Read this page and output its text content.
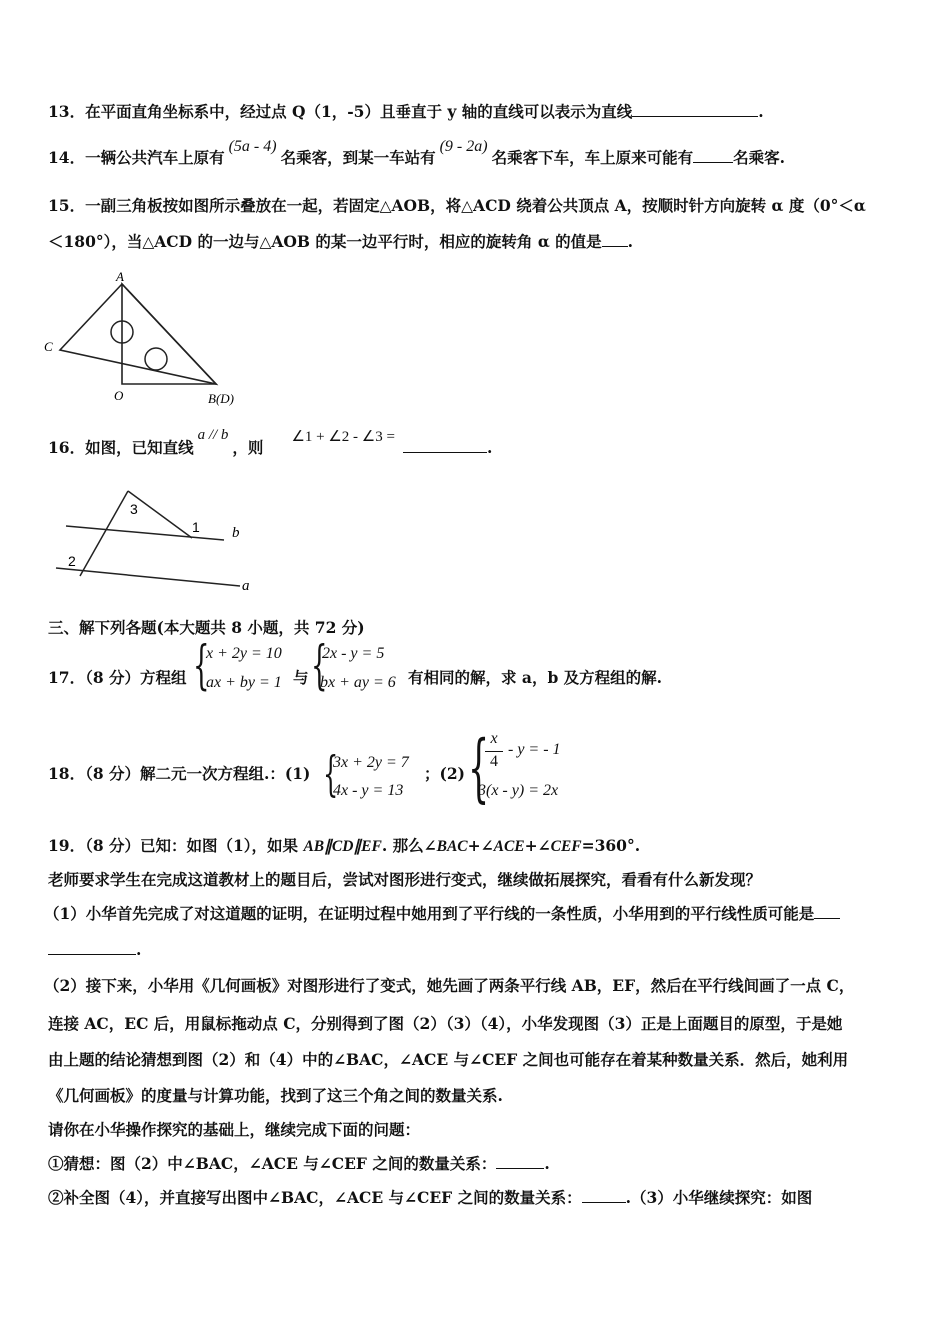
13．在平面直角坐标系中，经过点 Q（1，-5）且垂直于 y 轴的直线可以表示为直线	.
14．一辆公共汽车上原有(5a - 4)名乘客，到某一车站有(9 - 2a)名乘客下车，车上原来可能有	名乘客.
15．一副三角板按如图所示叠放在一起，若固定△AOB，将△ACD 绕着公共顶点 A，按顺时针方向旋转 α 度（0°＜α
＜180°），当△ACD 的一边与△AOB 的某一边平行时，相应的旋转角 α 的值是 .
A
C
O	B(D)
16．如图，已知直线a // b，则∠1 + ∠2 - ∠3 =.
3
1
2
b
a
三、解下列各题(本大题共 8 小题，共 72 分)
17．（8 分）方程组 {
x + 2y = 10
ax + by = 1 与 {
2x - y = 5
bx + ay = 6 有相同的解，求 a，b 及方程组的解.
18．（8 分）解二元一次方程组.：(1) {
3x + 2y = 7
4x - y = 13
；(2) { x
4
- y = - 1
3(x - y) = 2x
19．（8 分）已知：如图（1），如果 AB∥CD∥EF. 那么∠BAC+∠ACE+∠CEF=360°.
老师要求学生在完成这道教材上的题目后，尝试对图形进行变式，继续做拓展探究，看看有什么新发现？
（1）小华首先完成了对这道题的证明，在证明过程中她用到了平行线的一条性质，小华用到的平行线性质可能是
.
（2）接下来，小华用《几何画板》对图形进行了变式，她先画了两条平行线 AB，EF，然后在平行线间画了一点 C，
连接 AC，EC 后，用鼠标拖动点 C，分别得到了图（2）（3）（4），小华发现图（3）正是上面题目的原型，于是她
由上题的结论猜想到图（2）和（4）中的∠BAC，∠ACE 与∠CEF 之间也可能存在着某种数量关系．然后，她利用
《几何画板》的度量与计算功能，找到了这三个角之间的数量关系.
请你在小华操作探究的基础上，继续完成下面的问题：
①猜想：图（2）中∠BAC，∠ACE 与∠CEF 之间的数量关系：	.
②补全图（4），并直接写出图中∠BAC，∠ACE 与∠CEF 之间的数量关系：	.（3）小华继续探究：如图
